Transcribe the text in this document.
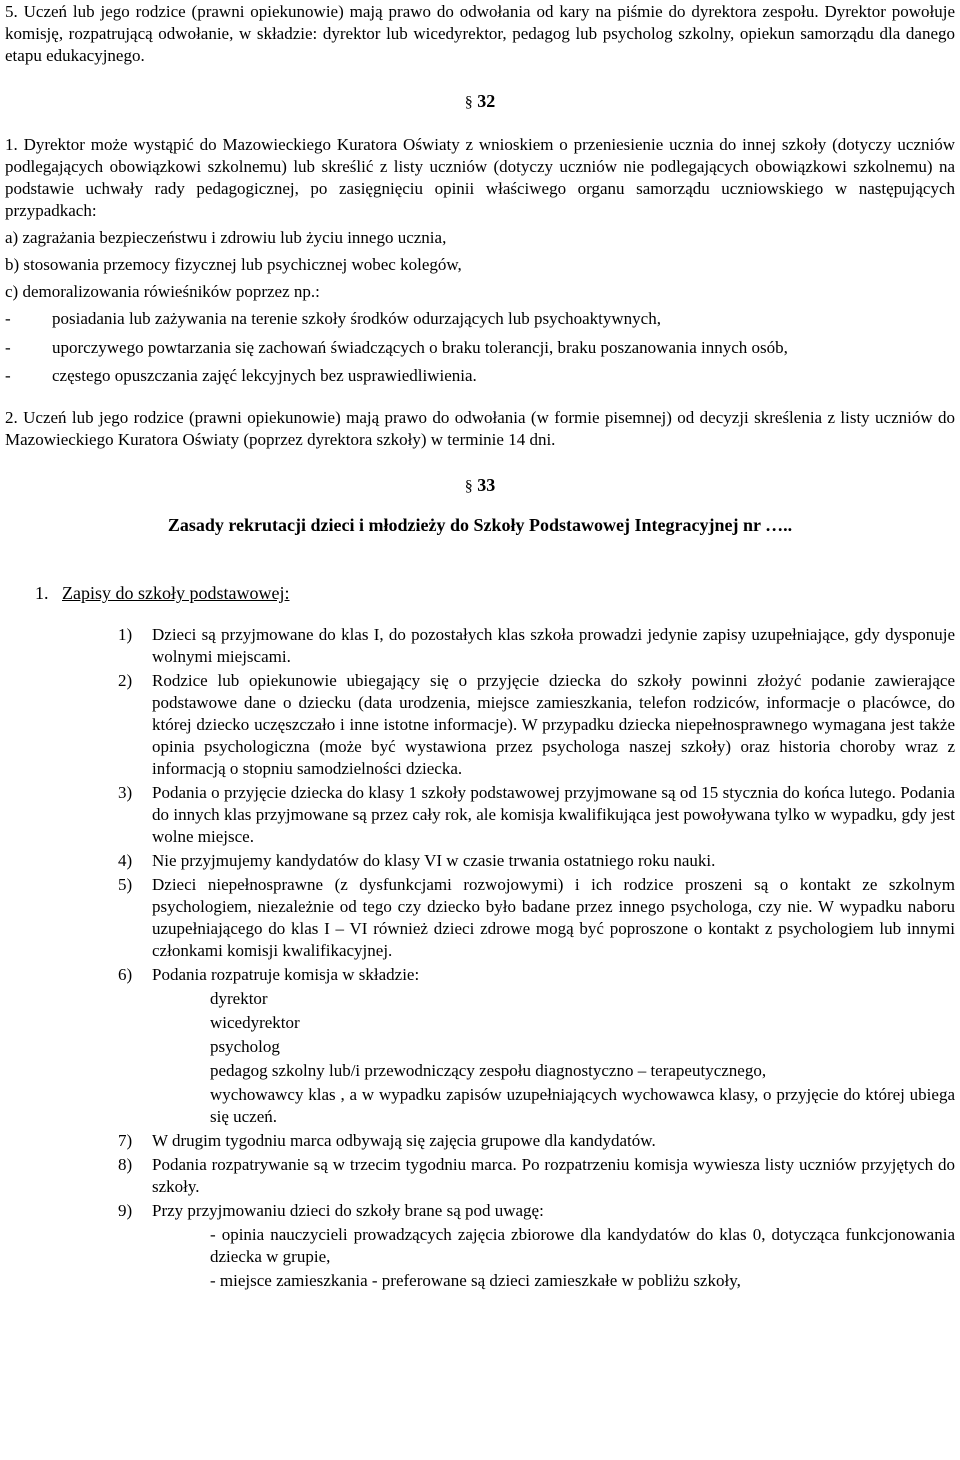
5. Uczeń lub jego rodzice (prawni opiekunowie) mają prawo do odwołania od kary na piśmie do dyrektora zespołu. Dyrektor powołuje komisję, rozpatrującą odwołanie, w składzie: dyrektor lub wicedyrektor, pedagog lub psycholog szkolny, opiekun samorządu dla danego etapu edukacyjnego.

§ 32

1. Dyrektor może wystąpić do Mazowieckiego Kuratora Oświaty z wnioskiem o przeniesienie ucznia do innej szkoły (dotyczy uczniów podlegających obowiązkowi szkolnemu) lub skreślić z listy uczniów (dotyczy uczniów nie podlegających obowiązkowi szkolnemu) na podstawie uchwały rady pedagogicznej, po zasięgnięciu opinii właściwego organu samorządu uczniowskiego w następujących przypadkach:

a) zagrażania bezpieczeństwu i zdrowiu lub życiu innego ucznia,

b) stosowania przemocy fizycznej lub psychicznej wobec kolegów,

c) demoralizowania rówieśników poprzez np.:

-	posiadania lub zażywania na terenie szkoły środków odurzających lub psychoaktywnych,
-	uporczywego powtarzania się zachowań świadczących o braku tolerancji, braku poszanowania innych osób,
-	częstego opuszczania zajęć lekcyjnych bez usprawiedliwienia.

2. Uczeń lub jego rodzice (prawni opiekunowie) mają prawo do odwołania (w formie pisemnej) od decyzji skreślenia z listy uczniów do Mazowieckiego Kuratora Oświaty (poprzez dyrektora szkoły) w terminie 14 dni.

§ 33

Zasady rekrutacji dzieci i młodzieży do Szkoły Podstawowej Integracyjnej nr …..

1. Zapisy do szkoły podstawowej:

1)	Dzieci są przyjmowane do klas I, do pozostałych klas szkoła prowadzi jedynie zapisy uzupełniające, gdy dysponuje wolnymi miejscami.
2)	Rodzice lub opiekunowie ubiegający się o przyjęcie dziecka do szkoły powinni złożyć podanie zawierające podstawowe dane o dziecku (data urodzenia, miejsce zamieszkania, telefon rodziców, informacje o placówce, do której dziecko uczęszczało i inne istotne informacje). W przypadku dziecka niepełnosprawnego wymagana jest także opinia psychologiczna (może być wystawiona przez psychologa naszej szkoły) oraz historia choroby wraz z informacją o stopniu samodzielności dziecka.
3)	Podania o przyjęcie dziecka do klasy 1 szkoły podstawowej przyjmowane są od 15 stycznia do końca lutego. Podania do innych klas przyjmowane są przez cały rok, ale komisja kwalifikująca jest powoływana tylko w wypadku, gdy jest wolne miejsce.
4)	Nie przyjmujemy kandydatów do klasy VI w czasie trwania ostatniego roku nauki.
5)	Dzieci niepełnosprawne (z dysfunkcjami rozwojowymi) i ich rodzice proszeni są o kontakt ze szkolnym psychologiem, niezależnie od tego czy dziecko było badane przez innego psychologa, czy nie. W wypadku naboru uzupełniającego do klas I – VI również dzieci zdrowe mogą być poproszone o kontakt z psychologiem lub innymi członkami komisji kwalifikacyjnej.
6)	Podania rozpatruje komisja w składzie:

dyrektor

wicedyrektor

psycholog

pedagog szkolny lub/i przewodniczący zespołu diagnostyczno – terapeutycznego,

wychowawcy klas , a w wypadku zapisów uzupełniających wychowawca klasy, o przyjęcie do której ubiega się uczeń.

7)	W drugim tygodniu marca odbywają się zajęcia grupowe dla kandydatów.
8)	Podania rozpatrywanie są w trzecim tygodniu marca. Po rozpatrzeniu komisja wywiesza listy uczniów przyjętych do szkoły.
9)	Przy przyjmowaniu dzieci do szkoły brane są pod uwagę:

- opinia nauczycieli prowadzących zajęcia zbiorowe dla kandydatów do klas 0, dotycząca funkcjonowania dziecka w grupie,

- miejsce zamieszkania - preferowane są dzieci zamieszkałe w pobliżu szkoły,
